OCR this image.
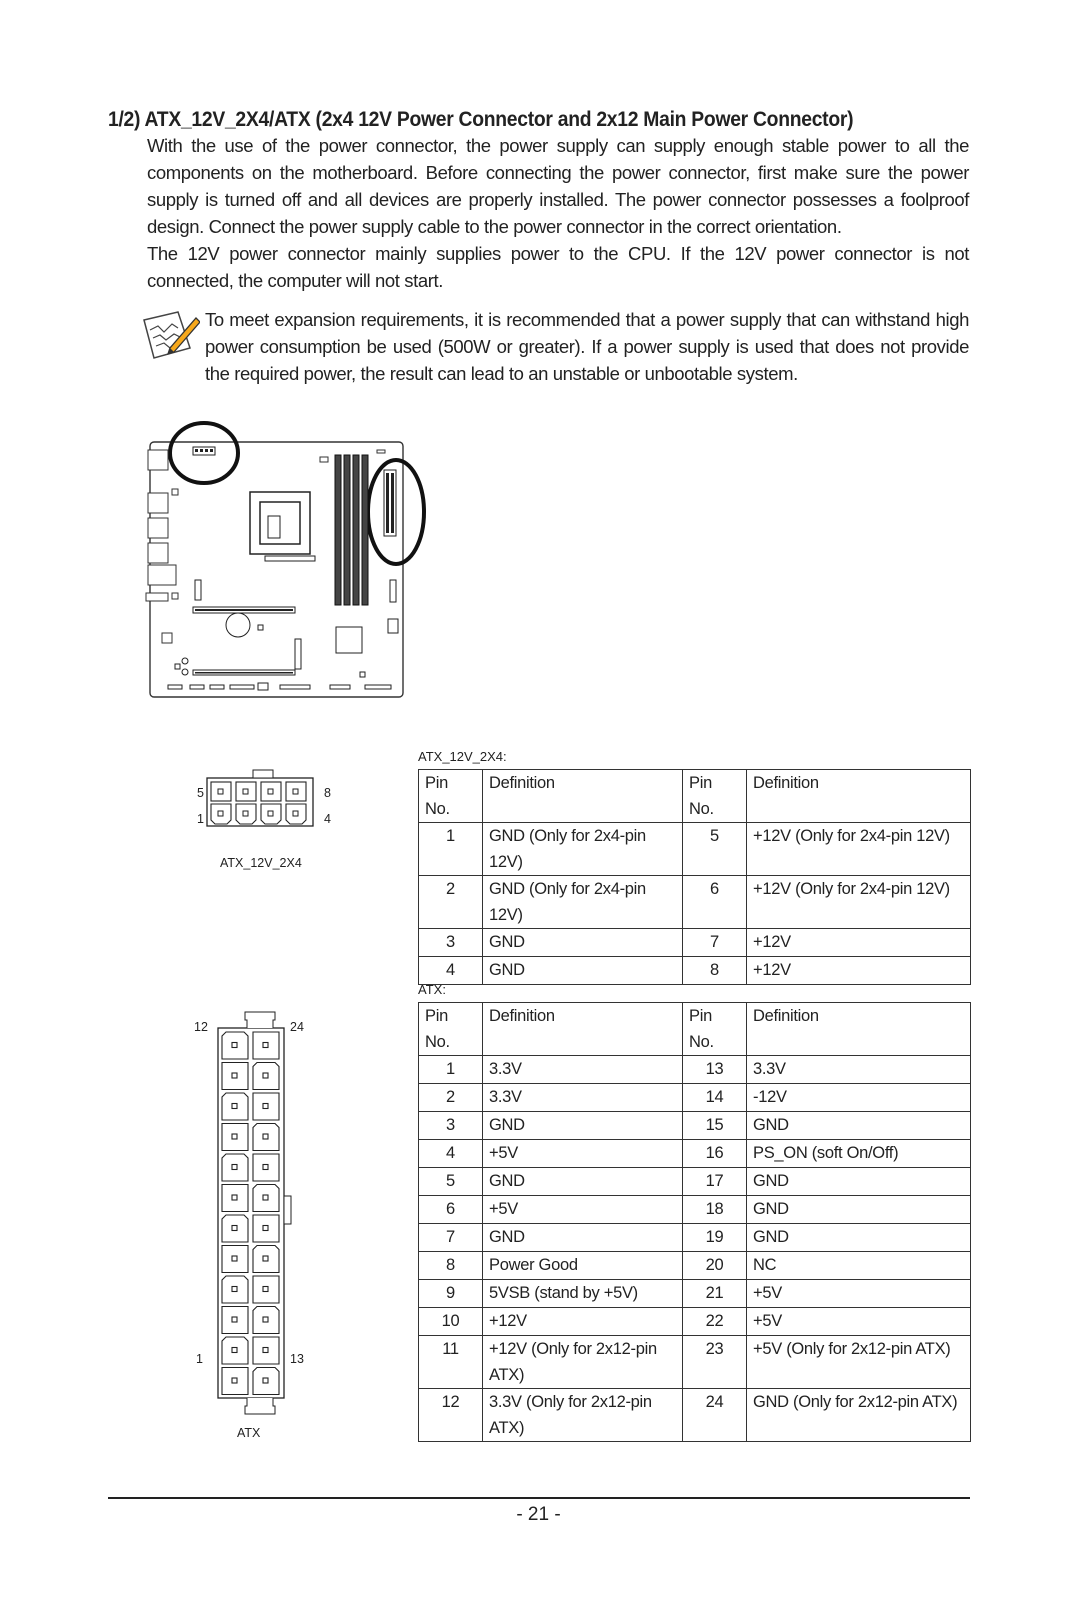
1/2) ATX_12V_2X4/ATX (2x4 12V Power Connector and 2x12 Main Power Connector)
With the use of the power connector, the power supply can supply enough stable power to all the components on the motherboard. Before connecting the power connector, first make sure the power supply is turned off and all devices are properly installed. The power connector possesses a foolproof design. Connect the power supply cable to the power connector in the correct orientation.
The 12V power connector mainly supplies power to the CPU. If the 12V power connector is not connected, the computer will not start.
To meet expansion requirements, it is recommended that a power supply that can withstand high power consumption be used (500W or greater). If a power supply is used that does not provide the required power, the result can lead to an unstable or unbootable system.
5
1
8
4
ATX_12V_2X4
ATX_12V_2X4:
Pin No.	Definition	Pin No.	Definition
1	GND (Only for 2x4-pin 12V)	5	+12V (Only for 2x4-pin 12V)
2	GND (Only for 2x4-pin 12V)	6	+12V (Only for 2x4-pin 12V)
3	GND	7	+12V
4	GND	8	+12V
12	24
1	13
ATX
ATX:
Pin No.	Definition	Pin No.	Definition
1	3.3V	13	3.3V
2	3.3V	14	-12V
3	GND	15	GND
4	+5V	16	PS_ON (soft On/Off)
5	GND	17	GND
6	+5V	18	GND
7	GND	19	GND
8	Power Good	20	NC
9	5VSB (stand by +5V)	21	+5V
10	+12V	22	+5V
11	+12V (Only for 2x12-pin ATX)	23	+5V (Only for 2x12-pin ATX)
12	3.3V (Only for 2x12-pin ATX)	24	GND (Only for 2x12-pin ATX)
- 21 -
